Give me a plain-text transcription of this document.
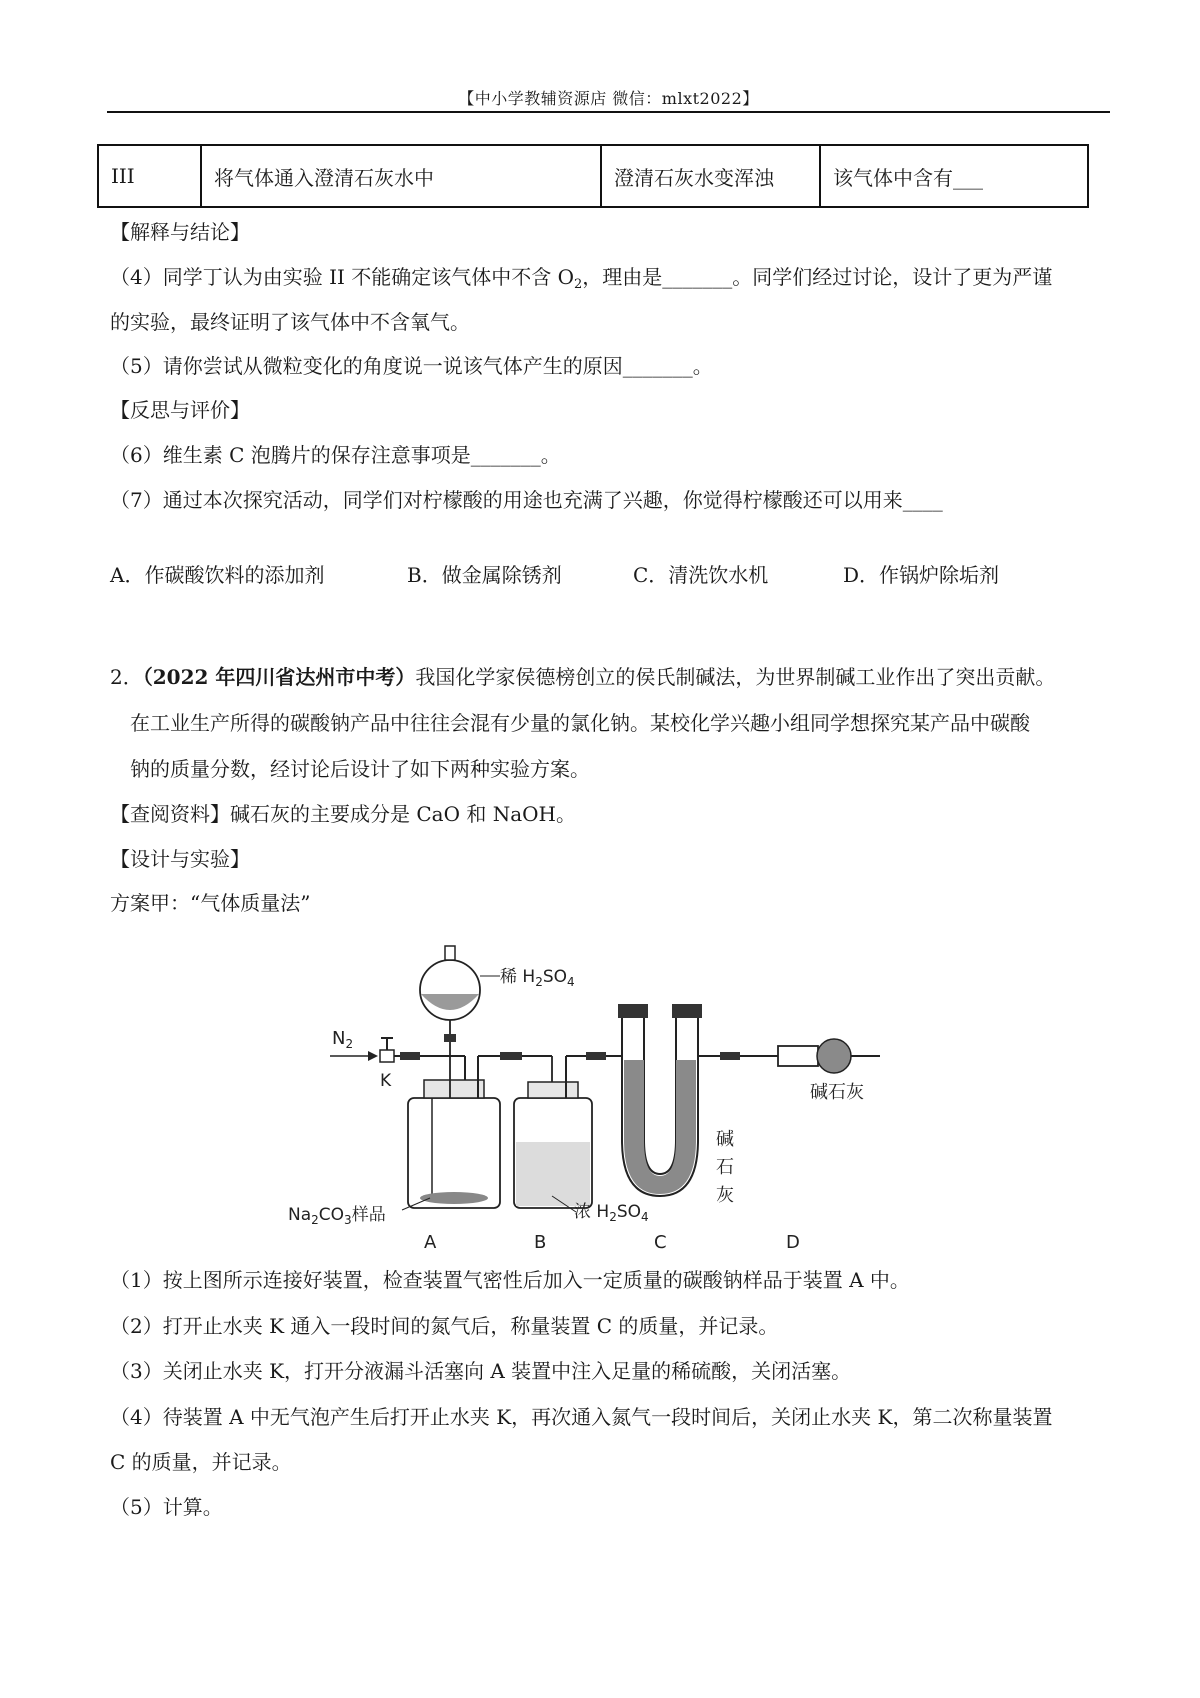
【中小学教辅资源店 微信：mlxt2022】
III	将气体通入澄清石灰水中	澄清石灰水变浑浊	该气体中含有___
【解释与结论】
（4）同学丁认为由实验 II 不能确定该气体中不含 $O_2$，理由是_______。同学们经过讨论，设计了更为严谨
的实验，最终证明了该气体中不含氧气。
（5）请你尝试从微粒变化的角度说一说该气体产生的原因_______。
【反思与评价】
（6）维生素 C 泡腾片的保存注意事项是_______。
（7）通过本次探究活动，同学们对柠檬酸的用途也充满了兴趣，你觉得柠檬酸还可以用来____
A．作碳酸饮料的添加剂	B．做金属除锈剂	C．清洗饮水机	D．作锅炉除垢剂
2．（2022 年四川省达州市中考）我国化学家侯德榜创立的侯氏制碱法，为世界制碱工业作出了突出贡献。
在工业生产所得的碳酸钠产品中往往会混有少量的氯化钠。某校化学兴趣小组同学想探究某产品中碳酸
钠的质量分数，经讨论后设计了如下两种实验方案。
【查阅资料】碱石灰的主要成分是 CaO 和 NaOH。
【设计与实验】
方案甲：“气体质量法”
$N_2$
K
稀 $H_2SO_4$
浓 $H_2SO_4$
碱
石
灰
碱石灰
$Na_2CO_3$样品
A	B	C	D
（1）按上图所示连接好装置，检查装置气密性后加入一定质量的碳酸钠样品于装置 A 中。
（2）打开止水夹 K 通入一段时间的氮气后，称量装置 C 的质量，并记录。
（3）关闭止水夹 K，打开分液漏斗活塞向 A 装置中注入足量的稀硫酸，关闭活塞。
（4）待装置 A 中无气泡产生后打开止水夹 K，再次通入氮气一段时间后，关闭止水夹 K，第二次称量装置
C 的质量，并记录。
（5）计算。
